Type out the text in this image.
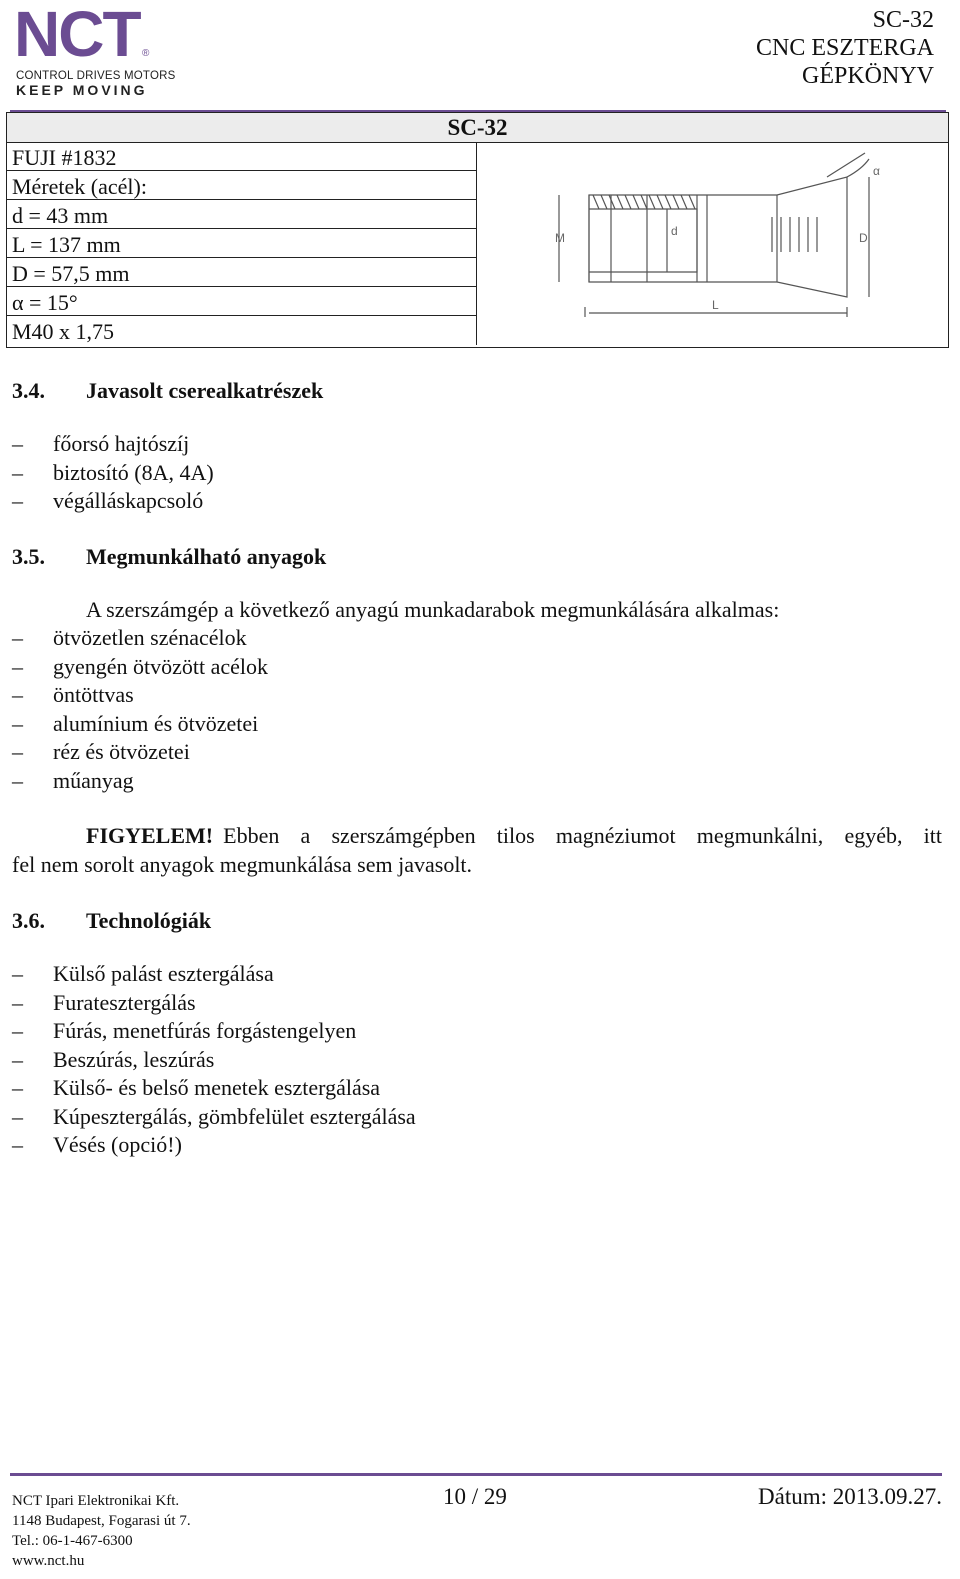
NCT ®
CONTROL DRIVES MOTORS
KEEP MOVING
SC-32
CNC ESZTERGA
GÉPKÖNYV
SC-32
FUJI #1832
Méretek (acél):
d = 43 mm
L = 137 mm
D = 57,5 mm
α = 15°
M40 x 1,75
M	d
L
D
α
3.4. Javasolt cserealkatrészek
– főorsó hajtószíj
– biztosító (8A, 4A)
– végálláskapcsoló
3.5. Megmunkálható anyagok
A szerszámgép a következő anyagú munkadarabok megmunkálására alkalmas:
– ötvözetlen szénacélok
– gyengén ötvözött acélok
– öntöttvas
– alumínium és ötvözetei
– réz és ötvözetei
– műanyag
FIGYELEM! Ebben a szerszámgépben tilos magnéziumot megmunkálni, egyéb, itt
fel nem sorolt anyagok megmunkálása sem javasolt.
3.6. Technológiák
– Külső palást esztergálása
– Furatesztergálás
– Fúrás, menetfúrás forgástengelyen
– Beszúrás, leszúrás
– Külső- és belső menetek esztergálása
– Kúpesztergálás, gömbfelület esztergálása
– Vésés (opció!)
NCT Ipari Elektronikai Kft.
1148 Budapest, Fogarasi út 7.
Tel.: 06-1-467-6300
www.nct.hu
10 / 29	Dátum: 2013.09.27.
